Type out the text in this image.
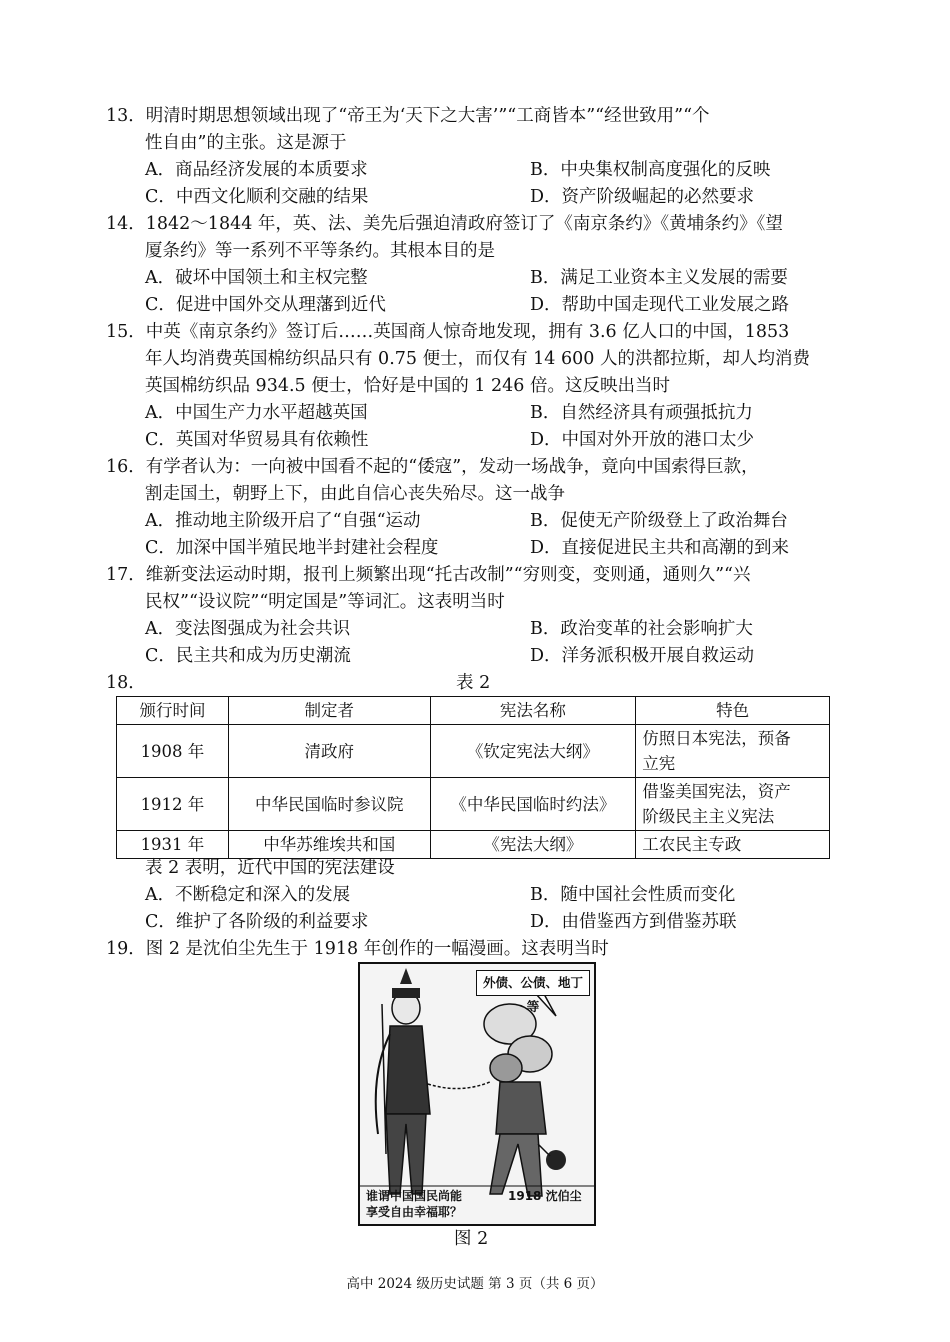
13．明清时期思想领域出现了“帝王为‘天下之大害’”“工商皆本”“经世致用”“个
性自由”的主张。这是源于
A．商品经济发展的本质要求	B．中央集权制高度强化的反映
C．中西文化顺利交融的结果	D．资产阶级崛起的必然要求
14．1842～1844 年，英、法、美先后强迫清政府签订了《南京条约》《黄埔条约》《望
厦条约》等一系列不平等条约。其根本目的是
A．破坏中国领土和主权完整	B．满足工业资本主义发展的需要
C．促进中国外交从理藩到近代	D．帮助中国走现代工业发展之路
15．中英《南京条约》签订后……英国商人惊奇地发现，拥有 3.6 亿人口的中国，1853
年人均消费英国棉纺织品只有 0.75 便士，而仅有 14 600 人的洪都拉斯，却人均消费
英国棉纺织品 934.5 便士，恰好是中国的 1 246 倍。这反映出当时
A．中国生产力水平超越英国	B．自然经济具有顽强抵抗力
C．英国对华贸易具有依赖性	D．中国对外开放的港口太少
16．有学者认为：一向被中国看不起的“倭寇”，发动一场战争，竟向中国索得巨款，
割走国土，朝野上下，由此自信心丧失殆尽。这一战争
A．推动地主阶级开启了“自强“运动	B．促使无产阶级登上了政治舞台
C．加深中国半殖民地半封建社会程度	D．直接促进民主共和高潮的到来
17．维新变法运动时期，报刊上频繁出现“托古改制”“穷则变，变则通，通则久”“兴
民权”“设议院”“明定国是”等词汇。这表明当时
A．变法图强成为社会共识	B．政治变革的社会影响扩大
C．民主共和成为历史潮流	D．洋务派积极开展自救运动
18．	表 2
颁行时间	制定者	宪法名称	特色
1908 年	清政府	《钦定宪法大纲》	仿照日本宪法，预备
立宪
1912 年	中华民国临时参议院	《中华民国临时约法》	借鉴美国宪法，资产
阶级民主主义宪法
1931 年	中华苏维埃共和国	《宪法大纲》	工农民主专政
表 2 表明，近代中国的宪法建设
A．不断稳定和深入的发展	B．随中国社会性质而变化
C．维护了各阶级的利益要求	D．由借鉴西方到借鉴苏联
19．图 2 是沈伯尘先生于 1918 年创作的一幅漫画。这表明当时
外债、公债、地丁等
谁谓中国国民尚能
享受自由幸福耶？
1918 沈伯尘
图 2
高中 2024 级历史试题 第 3 页（共 6 页）
